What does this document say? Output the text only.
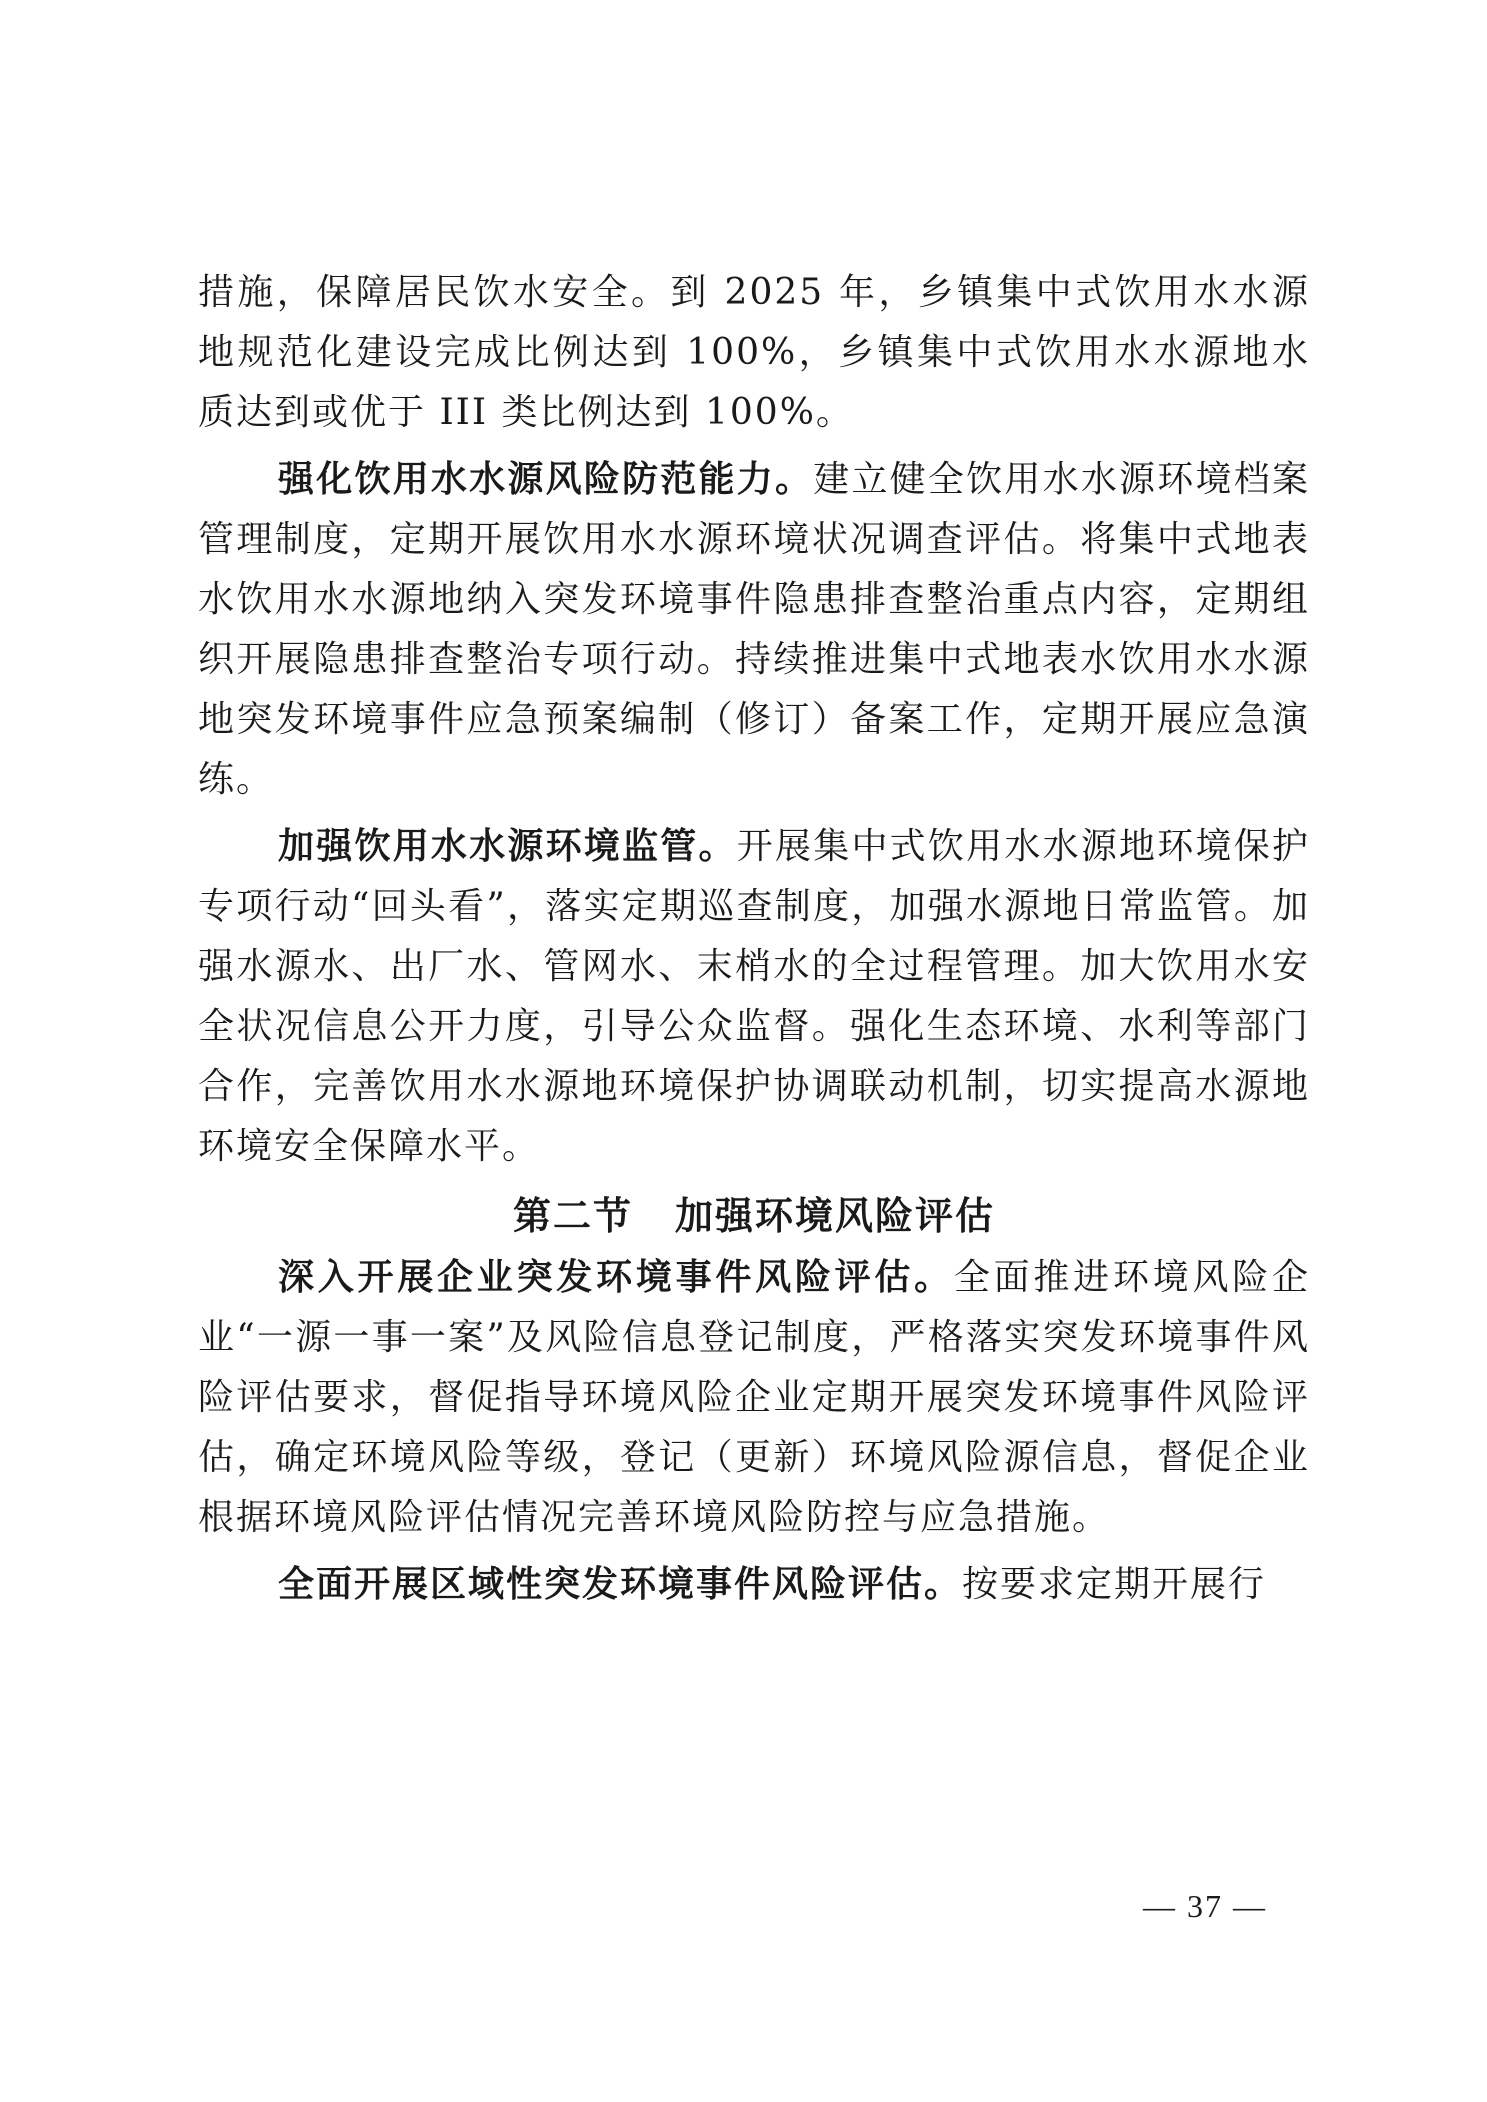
措施，保障居民饮水安全。到 2025 年，乡镇集中式饮用水水源地规范化建设完成比例达到 100%，乡镇集中式饮用水水源地水质达到或优于 III 类比例达到 100%。

强化饮用水水源风险防范能力。建立健全饮用水水源环境档案管理制度，定期开展饮用水水源环境状况调查评估。将集中式地表水饮用水水源地纳入突发环境事件隐患排查整治重点内容，定期组织开展隐患排查整治专项行动。持续推进集中式地表水饮用水水源地突发环境事件应急预案编制（修订）备案工作，定期开展应急演练。

加强饮用水水源环境监管。开展集中式饮用水水源地环境保护专项行动“回头看”，落实定期巡查制度，加强水源地日常监管。加强水源水、出厂水、管网水、末梢水的全过程管理。加大饮用水安全状况信息公开力度，引导公众监督。强化生态环境、水利等部门合作，完善饮用水水源地环境保护协调联动机制，切实提高水源地环境安全保障水平。

第二节 加强环境风险评估

深入开展企业突发环境事件风险评估。全面推进环境风险企业“一源一事一案”及风险信息登记制度，严格落实突发环境事件风险评估要求，督促指导环境风险企业定期开展突发环境事件风险评估，确定环境风险等级，登记（更新）环境风险源信息，督促企业根据环境风险评估情况完善环境风险防控与应急措施。

全面开展区域性突发环境事件风险评估。按要求定期开展行

— 37 —
